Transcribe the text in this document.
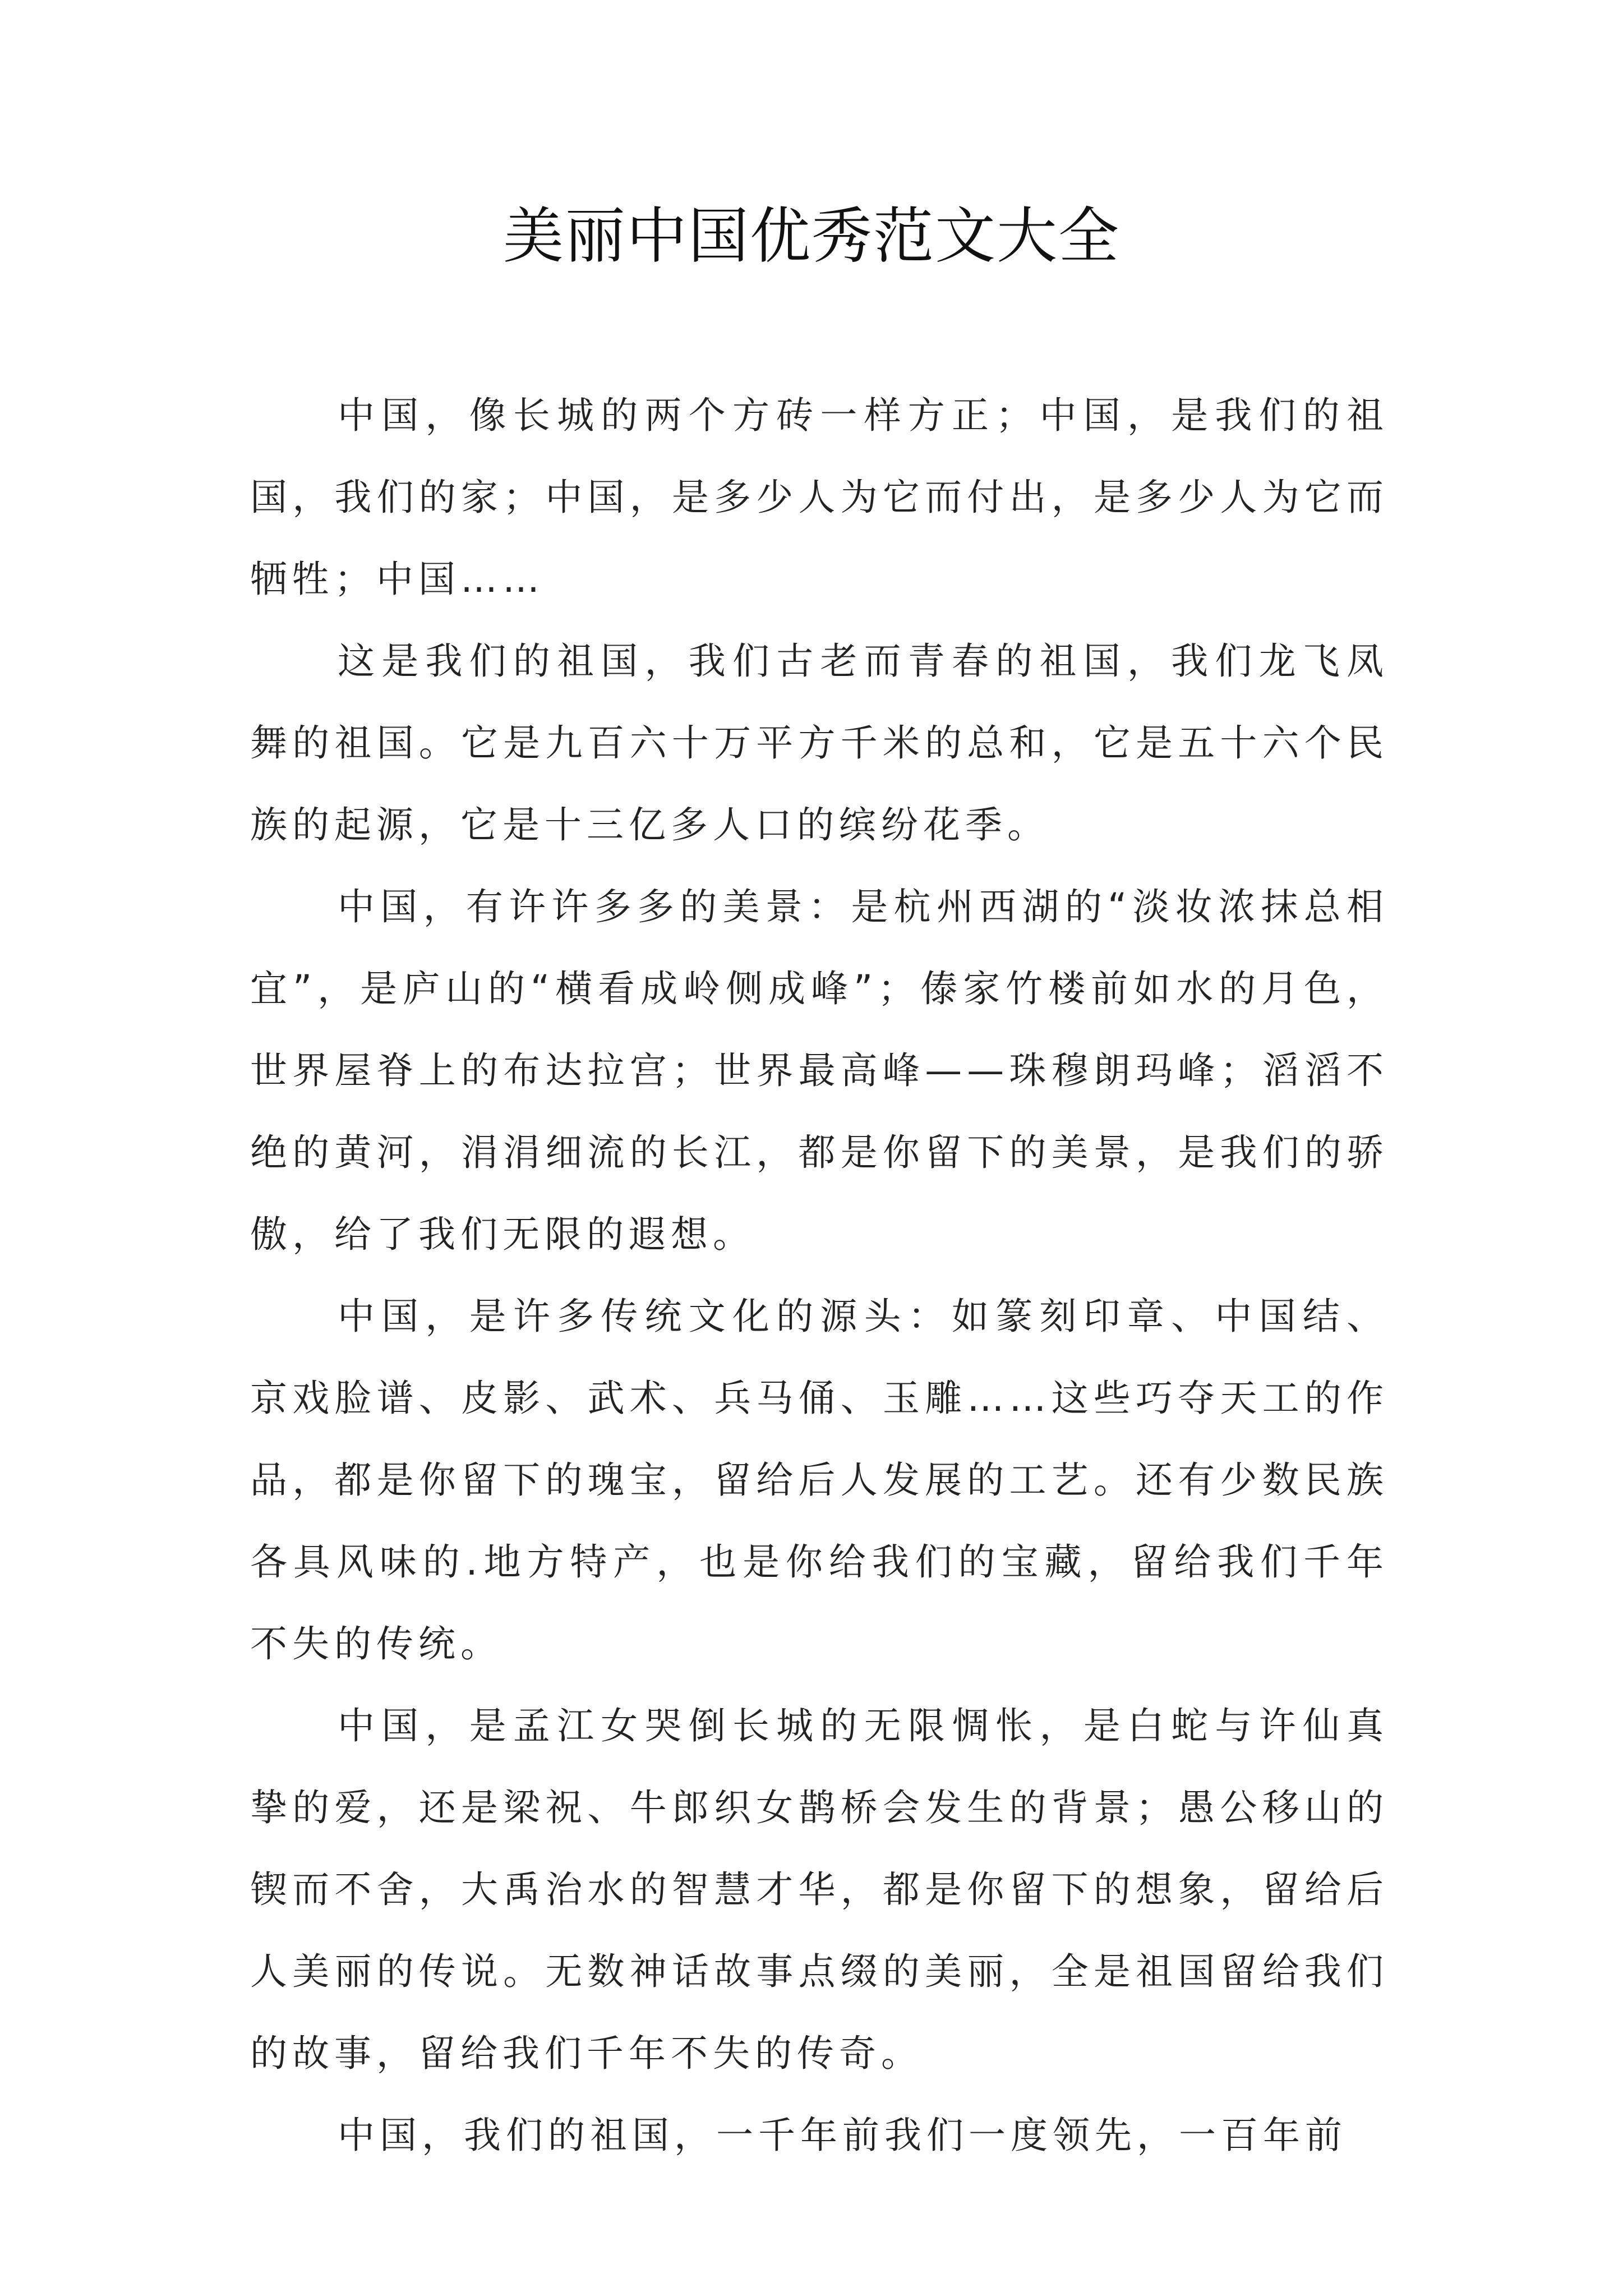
美丽中国优秀范文大全

中国，像长城的两个方砖一样方正；中国，是我们的祖国，我们的家；中国，是多少人为它而付出，是多少人为它而牺牲；中国……

这是我们的祖国，我们古老而青春的祖国，我们龙飞凤舞的祖国。它是九百六十万平方千米的总和，它是五十六个民族的起源，它是十三亿多人口的缤纷花季。

中国，有许许多多的美景：是杭州西湖的“淡妆浓抹总相宜”，是庐山的“横看成岭侧成峰”；傣家竹楼前如水的月色，世界屋脊上的布达拉宫；世界最高峰——珠穆朗玛峰；滔滔不绝的黄河，涓涓细流的长江，都是你留下的美景，是我们的骄傲，给了我们无限的遐想。

中国，是许多传统文化的源头：如篆刻印章、中国结、京戏脸谱、皮影、武术、兵马俑、玉雕……这些巧夺天工的作品，都是你留下的瑰宝，留给后人发展的工艺。还有少数民族各具风味的.地方特产，也是你给我们的宝藏，留给我们千年不失的传统。

中国，是孟江女哭倒长城的无限惆怅，是白蛇与许仙真挚的爱，还是梁祝、牛郎织女鹊桥会发生的背景；愚公移山的锲而不舍，大禹治水的智慧才华，都是你留下的想象，留给后人美丽的传说。无数神话故事点缀的美丽，全是祖国留给我们的故事，留给我们千年不失的传奇。

中国，我们的祖国，一千年前我们一度领先，一百年前
